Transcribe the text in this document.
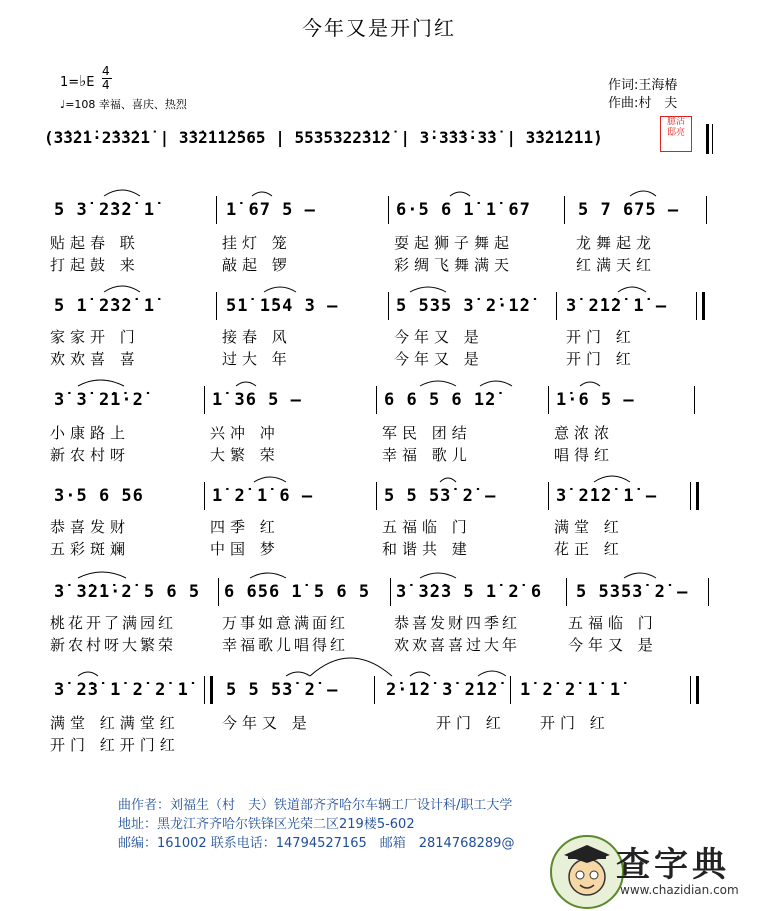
今年又是开门红
1=♭E
4
4
♩=108 幸福、喜庆、热烈
作词:王海椿
作曲:村　夫
(3̇3̇2̇1̇·2̇3̇3̇2̇1̇ | 3̇3̇2̇1̇1̇2̇565 | 5535322̇3̇1̇2̇ | 3̇·3̇3̇3̇·3̇3̇ | 3̇3̇2̇1̇2̇1̇1̇)
臆沾
邸亮
5 3̇ 2̇3̇2̇ 1̇	1̇ 67 5 –	6·5 6 1̇ 1̇ 67	5 7 675 –
贴起春 联	挂灯 笼	耍起狮子舞起	龙舞起龙
打起鼓 来	敲起 锣	彩绸飞舞满天	红满天红
5 1̇ 2̇3̇2̇ 1̇	51̇ 1̇54 3 –	5 535 3̇ 2̇·1̇2̇ 3̇ 2̇1̇2̇ 1̇ –
家家开 门	接春 风	今年又 是	开门 红
欢欢喜 喜	过大 年	今年又 是	开门 红
3̇ 3̇ 2̇1̇·2̇	1̇ 36 5 –	6 6 5 6 1̇2̇	1̇·6 5 –
小康路上	兴冲 冲	军民 团结	意浓浓
新农村呀	大繁 荣	幸福 歌儿	唱得红
3·5 6 56	1̇ 2̇ 1̇ 6 –	5 5 53̇ 2̇ –	3̇ 2̇1̇2̇ 1̇ –
恭喜发财	四季 红	五福临 门	满堂 红
五彩斑斓	中国 梦	和谐共 建	花正 红
3̇ 3̇2̇1̇·2̇ 5 6 5 6 656 1̇ 5 6 5 3̇ 3̇2̇3 5 1̇ 2̇ 6 5 5353̇ 2̇ –
桃花开了满园红	万事如意满面红	恭喜发财四季红	五福临 门
新农村呀大繁荣	幸福歌儿唱得红	欢欢喜喜过大年	今年又 是
3̇ 2̇3̇ 1̇ 2̇ 2̇ 1̇ 5 5 53̇ 2̇ –	2̇·1̇2̇ 3̇ 2̇1̇2̇ 1̇ 2̇ 2̇ 1̇ 1̇
满堂 红满堂红	今年又 是	开门 红 开门 红
开门 红开门红
曲作者：刘福生（村　夫）铁道部齐齐哈尔车辆工厂设计科/职工大学
地址：黑龙江齐齐哈尔铁锋区光荣二区219楼5-602
邮编：161002 联系电话：14794527165　邮箱　2814768289@
查字典
www.chazidian.com
